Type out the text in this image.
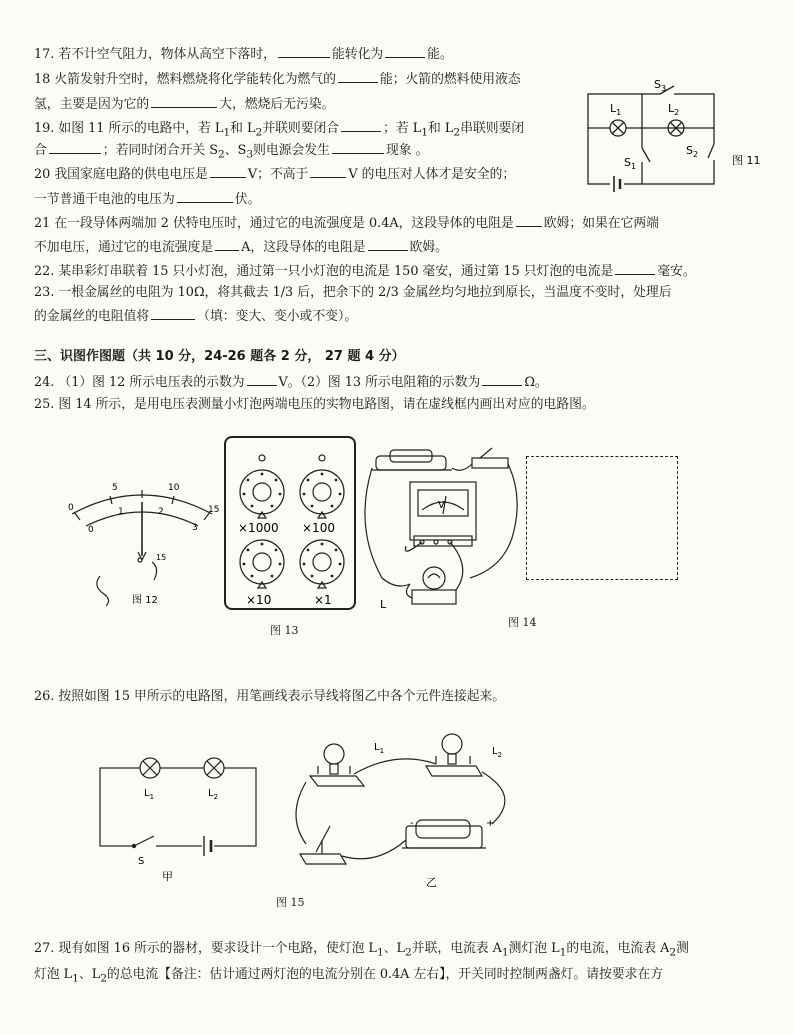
17. 若不计空气阻力，物体从高空下落时，	能转化为	能。
18 火箭发射升空时，燃料燃烧将化学能转化为燃气的	能；火箭的燃料使用液态
氢，主要是因为它的	大，燃烧后无污染。
19. 如图 11 所示的电路中，若 $L_1$和 $L_2$并联则要闭合	；若 $L_1$和 $L_2$串联则要闭
合	；若同时闭合开关 $S_2$、$S_3$则电源会发生	现象 。
20 我国家庭电路的供电电压是	V；不高于	V 的电压对人体才是安全的；
一节普通干电池的电压为	伏。
$S_3$
$L_1$	$L_2$
$S_1$
$S_2$	图 11
21 在一段导体两端加 2 伏特电压时，通过它的电流强度是 0.4A，这段导体的电阻是 欧姆；如果在它两端
不加电压，通过它的电流强度是 A，这段导体的电阻是	欧姆。
22. 某串彩灯串联着 15 只小灯泡，通过第一只小灯泡的电流是 150 毫安，通过第 15 只灯泡的电流是	毫安。
23. 一根金属丝的电阻为 10Ω，将其截去 1/3 后，把余下的 2/3 金属丝均匀地拉到原长，当温度不变时，处理后
的金属丝的电阻值将	（填：变大、变小或不变）。
三、识图作图题（共 10 分，24-26 题各 2 分， 27 题 4 分）
24. （1）图 12 所示电压表的示数为	V。（2）图 13 所示电阻箱的示数为	Ω。
25. 图 14 所示，是用电压表测量小灯泡两端电压的实物电路图，请在虚线框内画出对应的电路图。
0
5	10
15
0
1	2
3
15
图 12
×1000 ×100
×10	×1
图 13
V
L
图 14
26. 按照如图 15 甲所示的电路图，用笔画线表示导线将图乙中各个元件连接起来。
$L_1$	$L_2$
S
甲
$L_1$	$L_2$
-	+
乙
图 15
27. 现有如图 16 所示的器材，要求设计一个电路，使灯泡 $L_1$、$L_2$并联，电流表 $A_1$测灯泡 $L_1$的电流，电流表 $A_2$测
灯泡 $L_1$、$L_2$的总电流【备注：估计通过两灯泡的电流分别在 0.4A 左右】，开关同时控制两盏灯。请按要求在方
